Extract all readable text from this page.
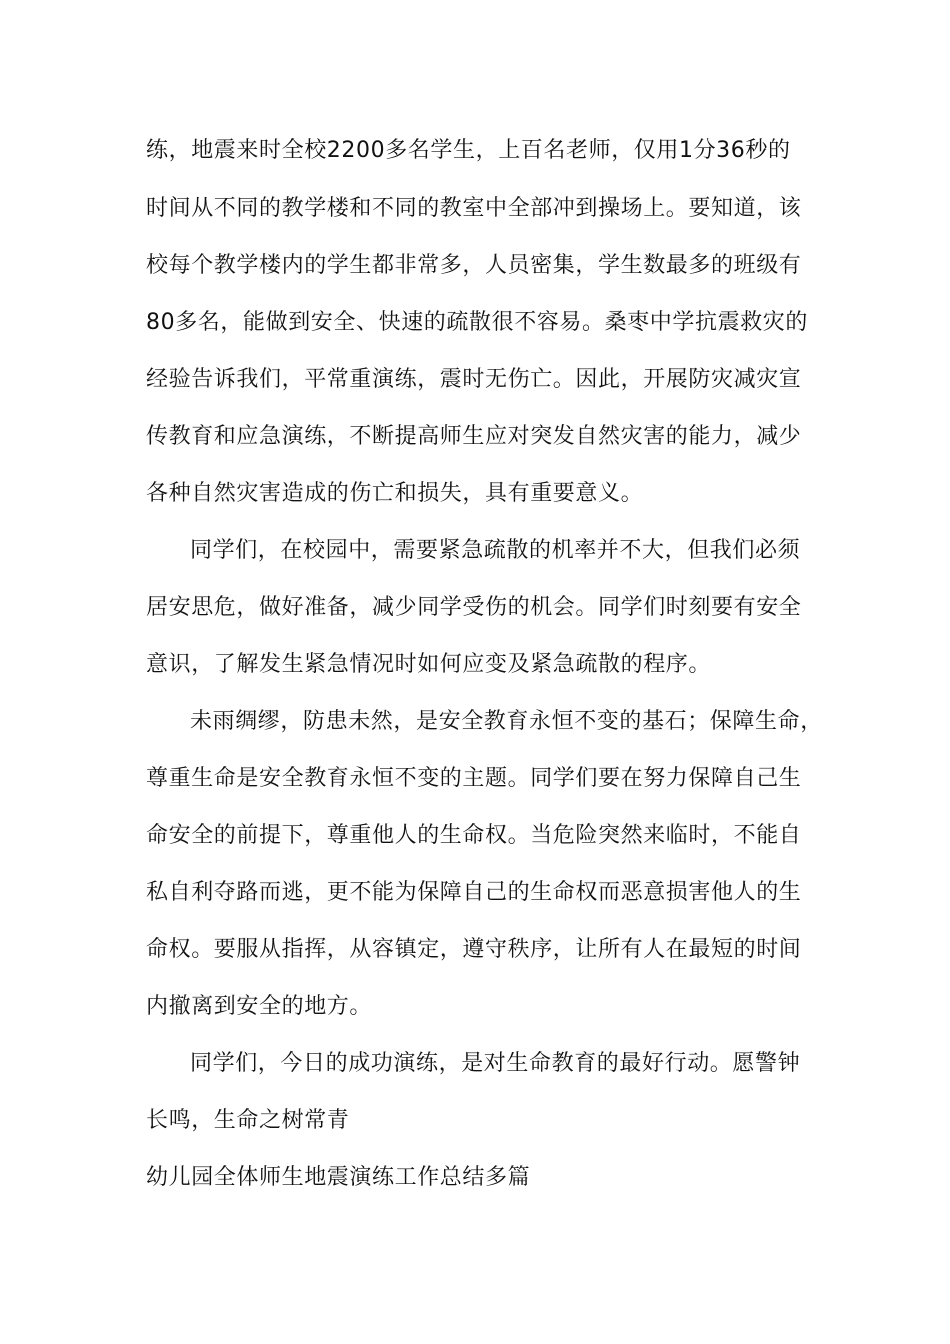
练，地震来时全校2200多名学生，上百名老师，仅用1分36秒的
时间从不同的教学楼和不同的教室中全部冲到操场上。要知道，该
校每个教学楼内的学生都非常多，人员密集，学生数最多的班级有
80多名，能做到安全、快速的疏散很不容易。桑枣中学抗震救灾的
经验告诉我们，平常重演练，震时无伤亡。因此，开展防灾减灾宣
传教育和应急演练，不断提高师生应对突发自然灾害的能力，减少
各种自然灾害造成的伤亡和损失，具有重要意义。
同学们，在校园中，需要紧急疏散的机率并不大，但我们必须
居安思危，做好准备，减少同学受伤的机会。同学们时刻要有安全
意识，了解发生紧急情况时如何应变及紧急疏散的程序。
未雨绸缪，防患未然，是安全教育永恒不变的基石；保障生命，
尊重生命是安全教育永恒不变的主题。同学们要在努力保障自己生
命安全的前提下，尊重他人的生命权。当危险突然来临时，不能自
私自利夺路而逃，更不能为保障自己的生命权而恶意损害他人的生
命权。要服从指挥，从容镇定，遵守秩序，让所有人在最短的时间
内撤离到安全的地方。
同学们，今日的成功演练，是对生命教育的最好行动。愿警钟
长鸣，生命之树常青
幼儿园全体师生地震演练工作总结多篇
